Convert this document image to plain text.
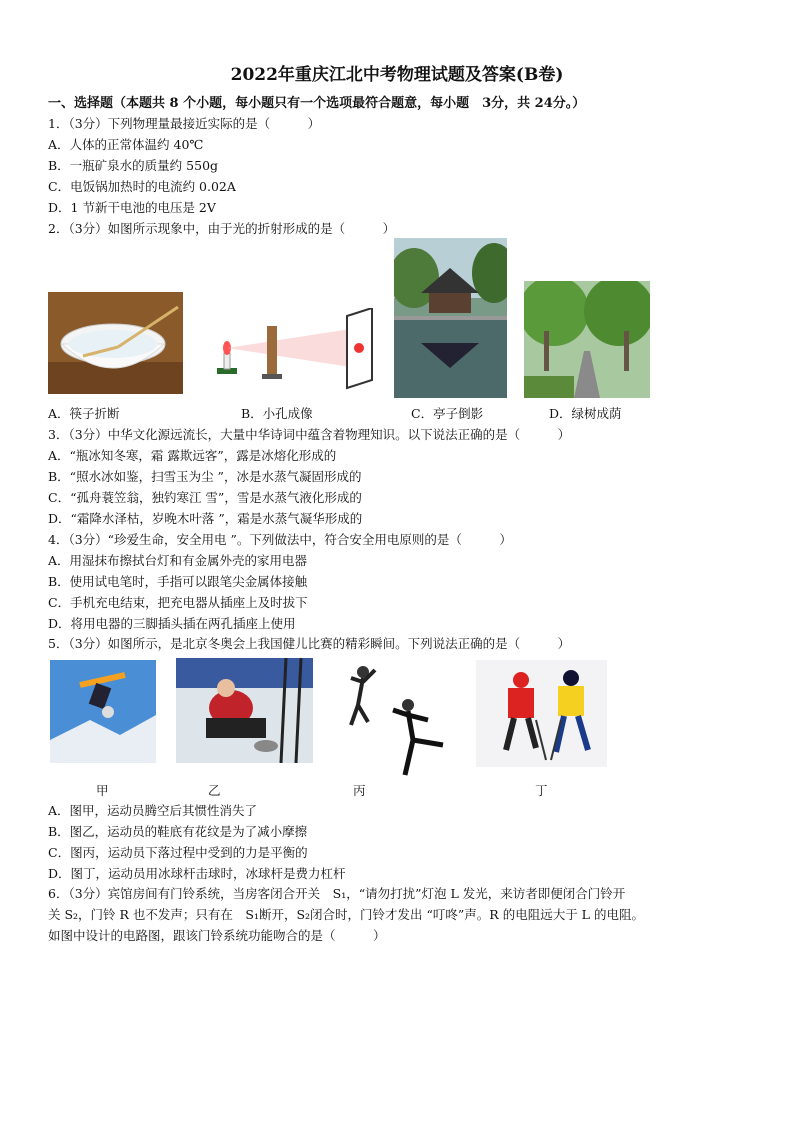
2022年重庆江北中考物理试题及答案(B卷)
一、选择题（本题共 8 个小题，每小题只有一个选项最符合题意，每小题　3分，共 24分。）
1．（3分）下列物理量最接近实际的是（　　　）
A．人体的正常体温约 40℃
B．一瓶矿泉水的质量约 550g
C．电饭锅加热时的电流约 0.02A
D．1 节新干电池的电压是 2V
2．（3分）如图所示现象中，由于光的折射形成的是（　　　）
A．筷子折断	B．小孔成像	C．亭子倒影	D．绿树成荫
3．（3分）中华文化源远流长，大量中华诗词中蕴含着物理知识。以下说法正确的是（　　　）
A．“瓶冰知冬寒，霜 露欺远客”，露是冰熔化形成的
B．“照水冰如鉴，扫雪玉为尘 ”，冰是水蒸气凝固形成的
C．“孤舟蓑笠翁，独钓寒江 雪”，雪是水蒸气液化形成的
D．“霜降水泽枯，岁晚木叶落 ”，霜是水蒸气凝华形成的
4．（3分）“珍爱生命，安全用电 ”。下列做法中，符合安全用电原则的是（　　　）
A．用湿抹布擦拭台灯和有金属外壳的家用电器
B．使用试电笔时，手指可以跟笔尖金属体接触
C．手机充电结束，把充电器从插座上及时拔下
D．将用电器的三脚插头插在两孔插座上使用
5．（3分）如图所示，是北京冬奥会上我国健儿比赛的精彩瞬间。下列说法正确的是（　　　）
甲	乙	丙	丁
A．图甲，运动员腾空后其惯性消失了
B．图乙，运动员的鞋底有花纹是为了减小摩擦
C．图丙，运动员下落过程中受到的力是平衡的
D．图丁，运动员用冰球杆击球时，冰球杆是费力杠杆
6．（3分）宾馆房间有门铃系统，当房客闭合开关　S₁，“请勿打扰”灯泡 L 发光，来访者即便闭合门铃开
关 S₂，门铃 R 也不发声；只有在　S₁断开，S₂闭合时，门铃才发出 “叮咚”声。R 的电阻远大于 L 的电阻。
如图中设计的电路图，跟该门铃系统功能吻合的是（　　　）
